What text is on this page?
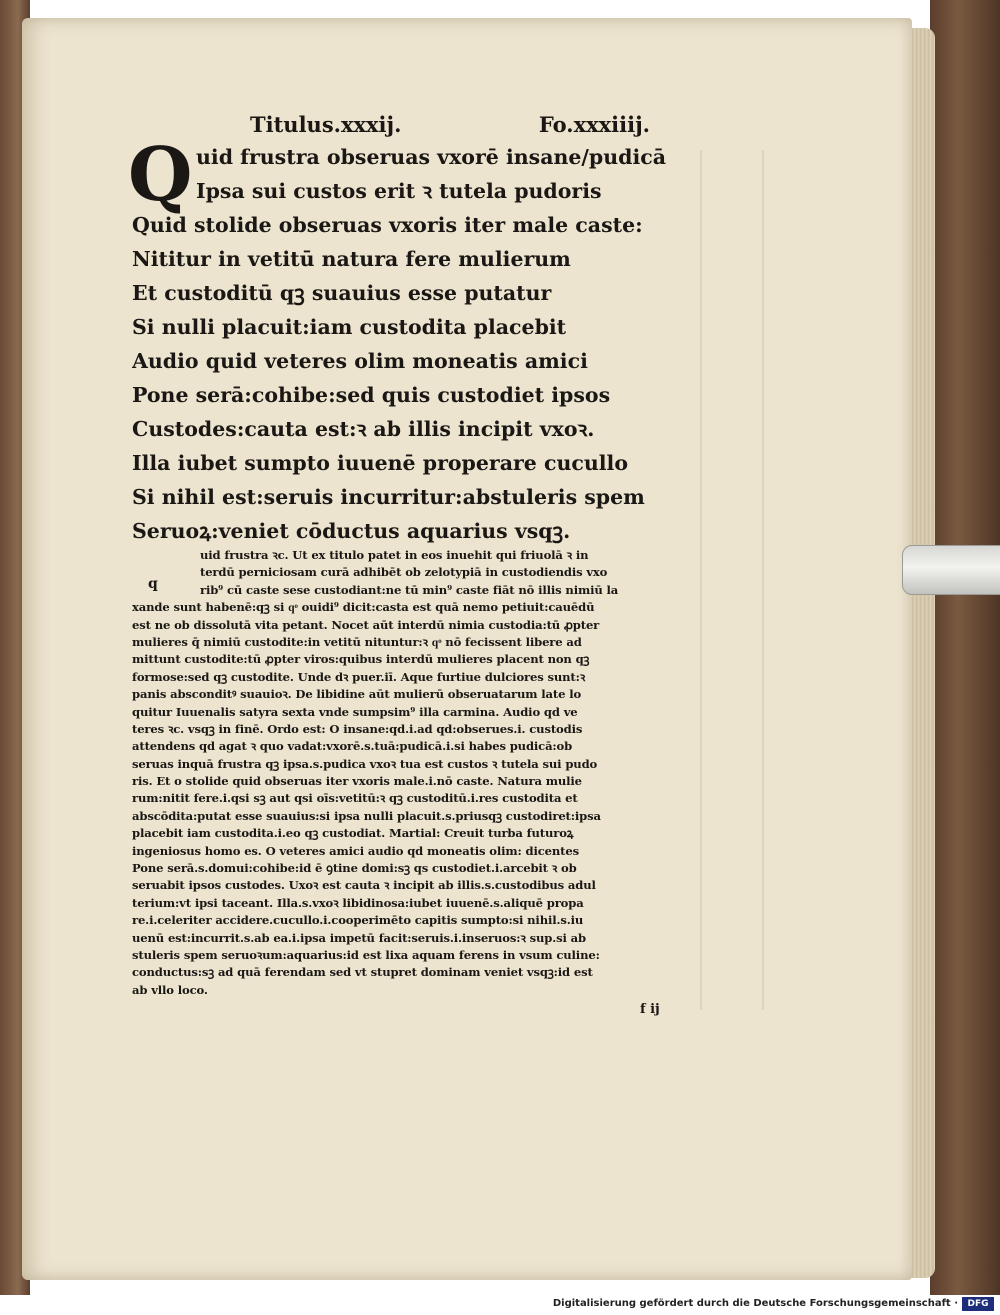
Titulus.xxxij.	Fo.xxxiiij.
Q uid frustra obseruas vxorē insane/pudicā
Ipsa sui custos erit ꝛ tutela pudoris
Quid stolide obseruas vxoris iter male caste:
Nititur in vetitū natura fere mulierum
Et custoditū qꝫ suauius esse putatur
Si nulli placuit:iam custodita placebit
Audio quid veteres olim moneatis amici
Pone serā:cohibe:sed quis custodiet ipsos
Custodes:cauta est:ꝛ ab illis incipit vxoꝛ.
Illa iubet sumpto iuuenē properare cucullo
Si nihil est:seruis incurritur:abstuleris spem
Seruoꝝ:veniet cōductus aquarius vsqꝫ.
q
uid frustra ꝛc. Ut ex titulo patet in eos inuehit qui friuolā ꝛ in
terdū perniciosam curā adhibēt ob zelotypiā in custodiendis vxo
rib⁹ cū caste sese custodiant:ne tū min⁹ caste fiāt nō illis nimiū la
xande sunt habenē:qꝫ si qͦ ouidi⁹ dicit:casta est quā nemo petiuit:cauēdū
est ne ob dissolutā vita petant. Nocet aūt interdū nimia custodia:tū ꝓpter
mulieres q̄ nimiū custodite:in vetitū nituntur:ꝛ qͦ nō fecissent libere ad
mittunt custodite:tū ꝓpter viros:quibus interdū mulieres placent non qꝫ
formose:sed qꝫ custodite. Unde dꝛ puer.iī. Aque furtiue dulciores sunt:ꝛ
panis absconditꝰ suauioꝛ. De libidine aūt mulierū obseruatarum late lo
quitur Iuuenalis satyra sexta vnde sumpsim⁹ illa carmina. Audio qd ve
teres ꝛc. vsqꝫ in finē. Ordo est: O insane:qd.i.ad qd:obserues.i. custodis
attendens qd agat ꝛ quo vadat:vxorē.s.tuā:pudicā.i.si habes pudicā:ob
seruas inquā frustra qꝫ ipsa.s.pudica vxoꝛ tua est custos ꝛ tutela sui pudo
ris. Et o stolide quid obseruas iter vxoris male.i.nō caste. Natura mulie
rum:nitit fere.i.qsi sꝫ aut qsi oīs:vetitū:ꝛ qꝫ custoditū.i.res custodita et
abscōdita:putat esse suauius:si ipsa nulli placuit.s.priusqꝫ custodiret:ipsa
placebit iam custodita.i.eo qꝫ custodiat. Martial: Creuit turba futuroꝝ
ingeniosus homo es. O veteres amici audio qd moneatis olim: dicentes
Pone serā.s.domui:cohibe:id ē ꝯtine domi:sꝫ qs custodiet.i.arcebit ꝛ ob
seruabit ipsos custodes. Uxoꝛ est cauta ꝛ incipit ab illis.s.custodibus adul
terium:vt ipsi taceant. Illa.s.vxoꝛ libidinosa:iubet iuuenē.s.aliquē propa
re.i.celeriter accidere.cucullo.i.cooperimēto capitis sumpto:si nihil.s.iu
uenū est:incurrit.s.ab ea.i.ipsa impetū facit:seruis.i.inseruos:ꝛ sup.si ab
stuleris spem seruoꝛum:aquarius:id est lixa aquam ferens in vsum culine:
conductus:sꝫ ad quā ferendam sed vt stupret dominam veniet vsqꝫ:id est
ab vllo loco.
f ij
Digitalisierung gefördert durch die Deutsche Forschungsgemeinschaft ·	DFG
